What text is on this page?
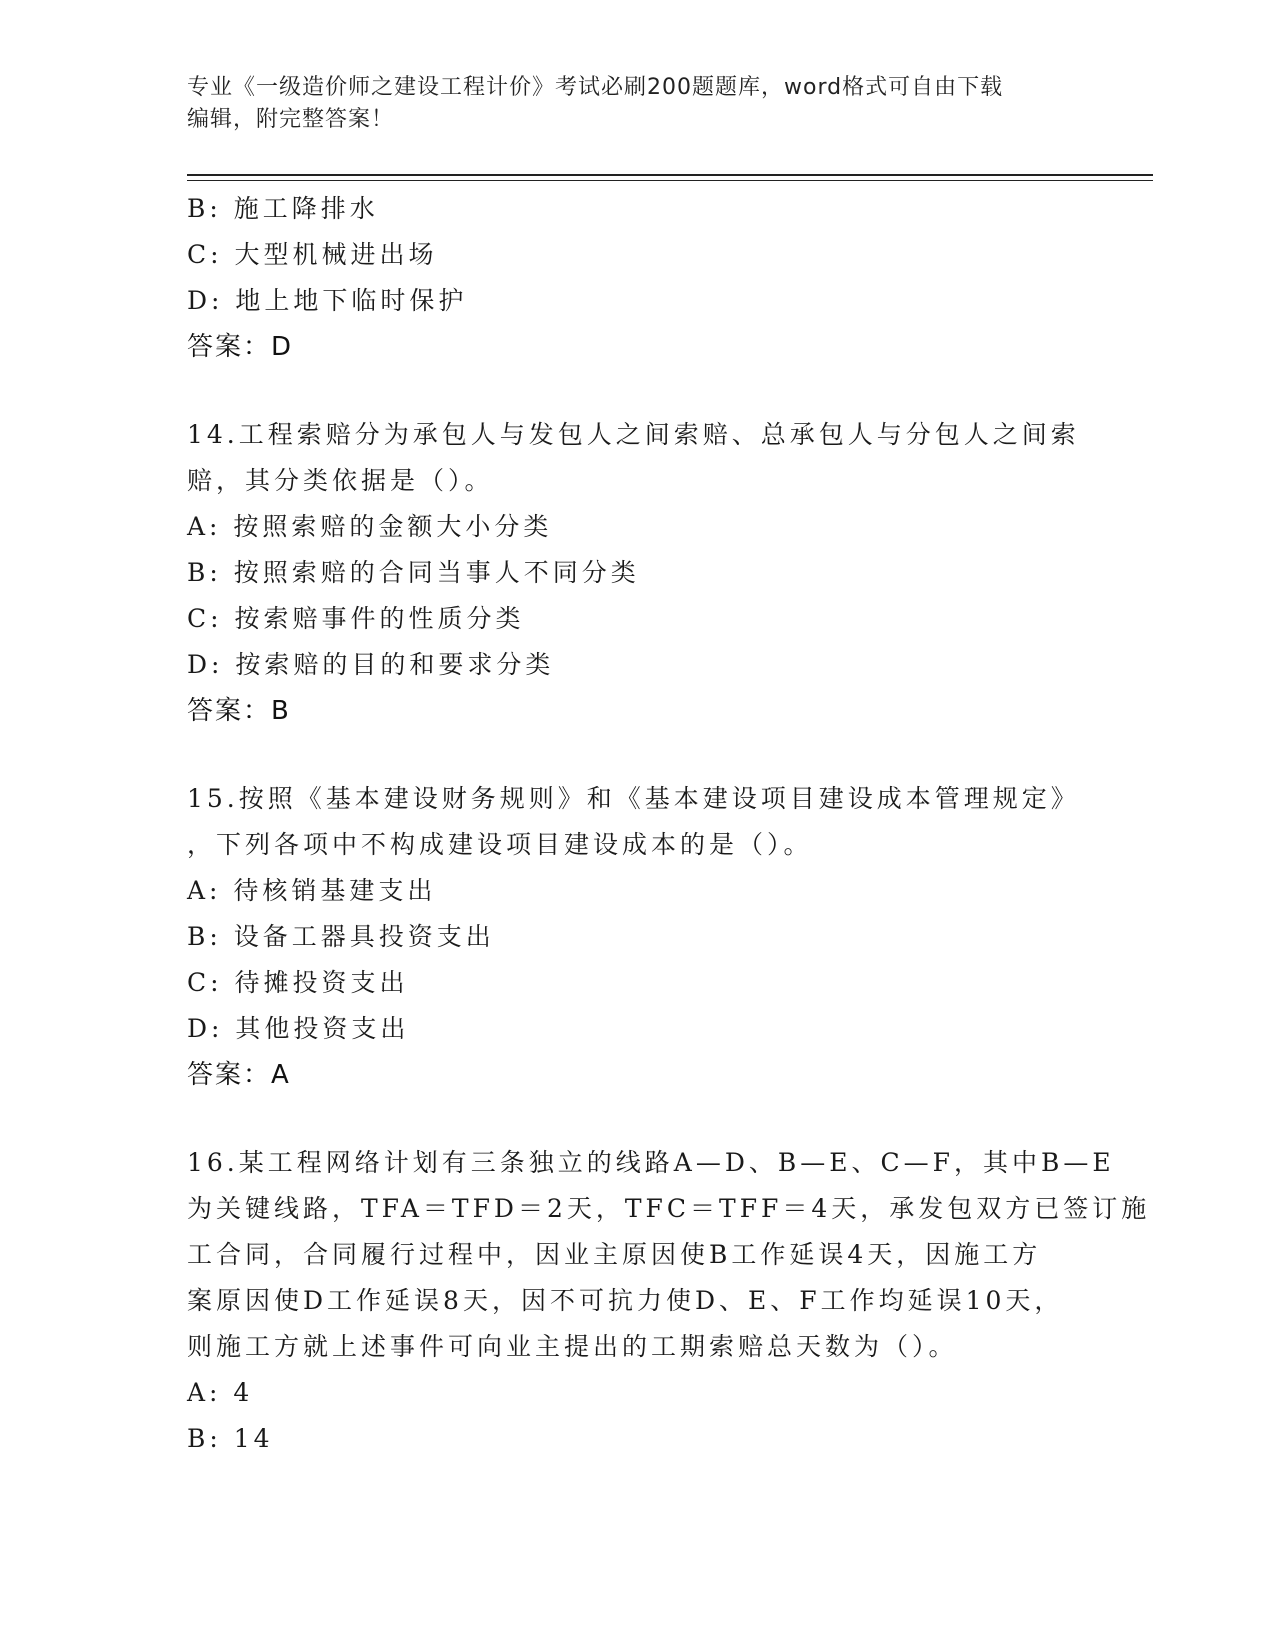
专业《一级造价师之建设工程计价》考试必刷200题题库，word格式可自由下载
编辑，附完整答案！
B: 施工降排水
C: 大型机械进出场
D: 地上地下临时保护
答案：D
14.工程索赔分为承包人与发包人之间索赔、总承包人与分包人之间索
赔，其分类依据是（）。
A: 按照索赔的金额大小分类
B: 按照索赔的合同当事人不同分类
C: 按索赔事件的性质分类
D: 按索赔的目的和要求分类
答案：B
15.按照《基本建设财务规则》和《基本建设项目建设成本管理规定》
，下列各项中不构成建设项目建设成本的是（）。
A: 待核销基建支出
B: 设备工器具投资支出
C: 待摊投资支出
D: 其他投资支出
答案：A
16.某工程网络计划有三条独立的线路A—D、B—E、C—F，其中B—E
为关键线路，TFA＝TFD＝2天，TFC＝TFF＝4天，承发包双方已签订施
工合同，合同履行过程中，因业主原因使B工作延误4天，因施工方
案原因使D工作延误8天，因不可抗力使D、E、F工作均延误10天，
则施工方就上述事件可向业主提出的工期索赔总天数为（）。
A: 4
B: 14
